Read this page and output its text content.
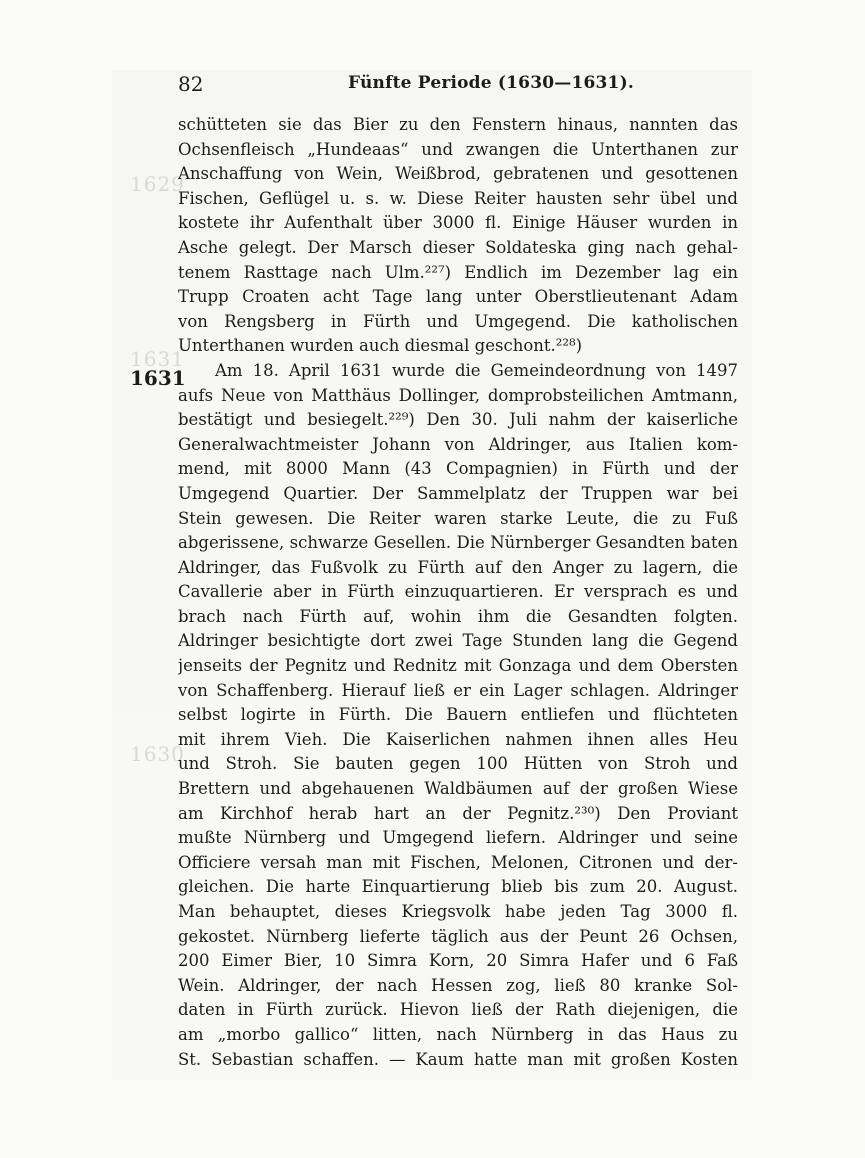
1629
1631
1630
82	Fünfte Periode (1630—1631).
1631
schütteten sie das Bier zu den Fenstern hinaus, nannten das
Ochsenfleisch „Hundeaas“ und zwangen die Unterthanen zur
Anschaffung von Wein, Weißbrod, gebratenen und gesottenen
Fischen, Geflügel u. s. w. Diese Reiter hausten sehr übel und
kostete ihr Aufenthalt über 3000 fl. Einige Häuser wurden in
Asche gelegt. Der Marsch dieser Soldateska ging nach gehal-
tenem Rasttage nach Ulm.²²⁷) Endlich im Dezember lag ein
Trupp Croaten acht Tage lang unter Oberstlieutenant Adam
von Rengsberg in Fürth und Umgegend. Die katholischen
Unterthanen wurden auch diesmal geschont.²²⁸)
Am 18. April 1631 wurde die Gemeindeordnung von 1497
aufs Neue von Matthäus Dollinger, domprobsteilichen Amtmann,
bestätigt und besiegelt.²²⁹) Den 30. Juli nahm der kaiserliche
Generalwachtmeister Johann von Aldringer, aus Italien kom-
mend, mit 8000 Mann (43 Compagnien) in Fürth und der
Umgegend Quartier. Der Sammelplatz der Truppen war bei
Stein gewesen. Die Reiter waren starke Leute, die zu Fuß
abgerissene, schwarze Gesellen. Die Nürnberger Gesandten baten
Aldringer, das Fußvolk zu Fürth auf den Anger zu lagern, die
Cavallerie aber in Fürth einzuquartieren. Er versprach es und
brach nach Fürth auf, wohin ihm die Gesandten folgten.
Aldringer besichtigte dort zwei Tage Stunden lang die Gegend
jenseits der Pegnitz und Rednitz mit Gonzaga und dem Obersten
von Schaffenberg. Hierauf ließ er ein Lager schlagen. Aldringer
selbst logirte in Fürth. Die Bauern entliefen und flüchteten
mit ihrem Vieh. Die Kaiserlichen nahmen ihnen alles Heu
und Stroh. Sie bauten gegen 100 Hütten von Stroh und
Brettern und abgehauenen Waldbäumen auf der großen Wiese
am Kirchhof herab hart an der Pegnitz.²³⁰) Den Proviant
mußte Nürnberg und Umgegend liefern. Aldringer und seine
Officiere versah man mit Fischen, Melonen, Citronen und der-
gleichen. Die harte Einquartierung blieb bis zum 20. August.
Man behauptet, dieses Kriegsvolk habe jeden Tag 3000 fl.
gekostet. Nürnberg lieferte täglich aus der Peunt 26 Ochsen,
200 Eimer Bier, 10 Simra Korn, 20 Simra Hafer und 6 Faß
Wein. Aldringer, der nach Hessen zog, ließ 80 kranke Sol-
daten in Fürth zurück. Hievon ließ der Rath diejenigen, die
am „morbo gallico“ litten, nach Nürnberg in das Haus zu
St. Sebastian schaffen. — Kaum hatte man mit großen Kosten
